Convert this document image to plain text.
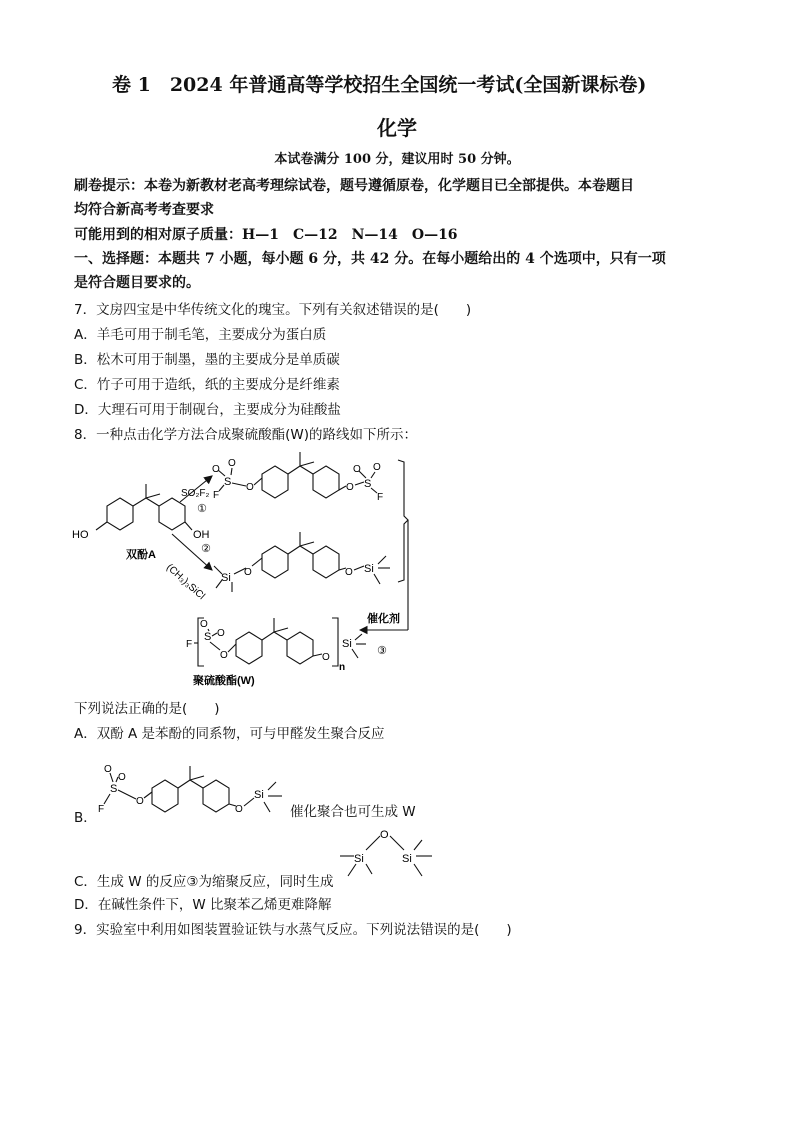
卷 1　2024 年普通高等学校招生全国统一考试(全国新课标卷)
化学
本试卷满分 100 分，建议用时 50 分钟。
刷卷提示：本卷为新教材老高考理综试卷，题号遵循原卷，化学题目已全部提供。本卷题目
均符合新高考考查要求
可能用到的相对原子质量：H—1　C—12　N—14　O—16
一、选择题：本题共 7 小题，每小题 6 分，共 42 分。在每小题给出的 4 个选项中，只有一项
是符合题目要求的。
7．文房四宝是中华传统文化的瑰宝。下列有关叙述错误的是(　　)
A．羊毛可用于制毛笔，主要成分为蛋白质
B．松木可用于制墨，墨的主要成分是单质碳
C．竹子可用于造纸，纸的主要成分是纤维素
D．大理石可用于制砚台，主要成分为硅酸盐
8．一种点击化学方法合成聚硫酸酯(W)的路线如下所示：
HO	OH
双酚A
SO₂F₂
①
(CH₃)₃SiCl
②
O
O
S
F
O	O S
O O
F
Si O	O Si
催化剂
③
F
S
O
O
O	O
n
Si
聚硫酸酯(W)
下列说法正确的是(　　)
A．双酚 A 是苯酚的同系物，可与甲醛发生聚合反应
B．
O
O
S
F
O
O
Si
催化聚合也可生成 W
O
Si	Si
C．生成 W 的反应③为缩聚反应，同时生成
D．在碱性条件下，W 比聚苯乙烯更难降解
9．实验室中利用如图装置验证铁与水蒸气反应。下列说法错误的是(　　)
